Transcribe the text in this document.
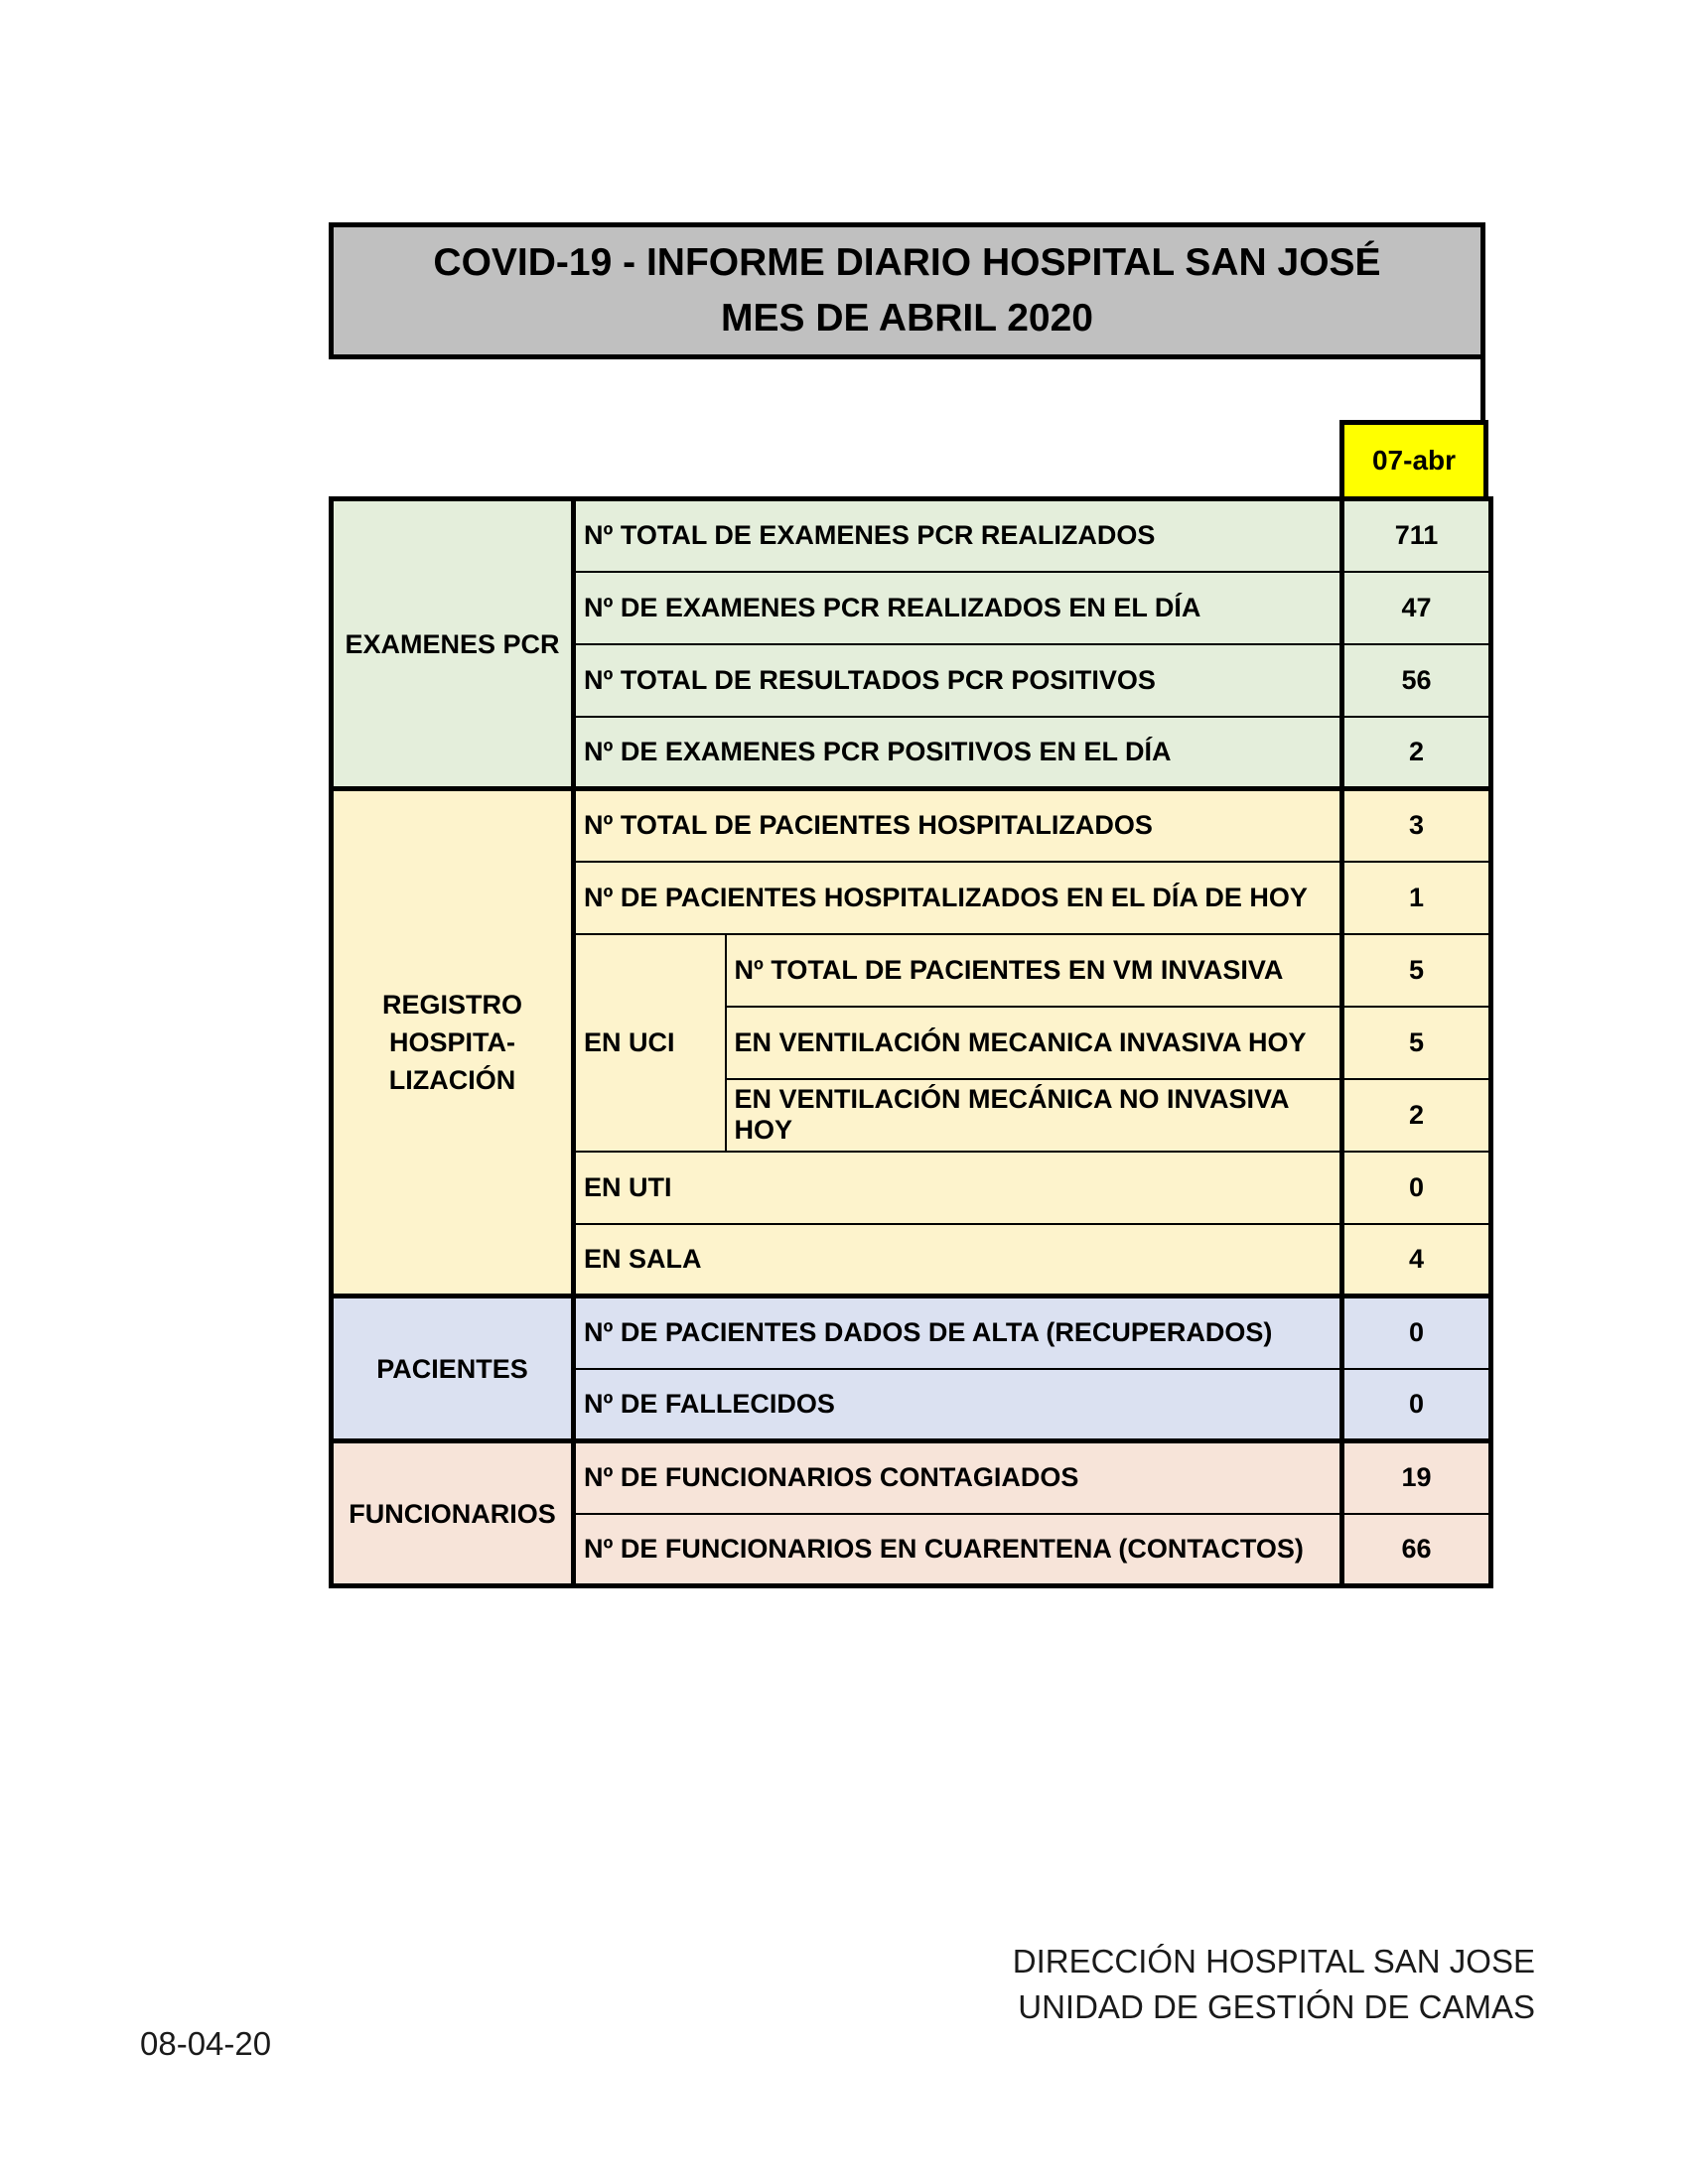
COVID-19 - INFORME DIARIO HOSPITAL SAN JOSÉ
MES DE ABRIL 2020
07-abr
EXAMENES PCR	Nº TOTAL DE EXAMENES PCR REALIZADOS		711
	Nº DE EXAMENES PCR REALIZADOS EN EL DÍA		47
	Nº TOTAL DE RESULTADOS PCR POSITIVOS		56
	Nº DE EXAMENES PCR POSITIVOS EN EL DÍA		2

REGISTRO
HOSPITA-
LIZACIÓN	Nº TOTAL DE PACIENTES HOSPITALIZADOS		3
	Nº DE PACIENTES HOSPITALIZADOS EN EL DÍA DE HOY		1
	EN UCI	Nº TOTAL DE PACIENTES EN VM INVASIVA	5
		EN VENTILACIÓN MECANICA INVASIVA HOY	5
		EN VENTILACIÓN MECÁNICA NO INVASIVA HOY	2
	EN UTI		0
	EN SALA		4
PACIENTES	Nº DE PACIENTES DADOS DE ALTA (RECUPERADOS)		0
	Nº DE FALLECIDOS		0
FUNCIONARIOS	Nº DE FUNCIONARIOS CONTAGIADOS		19
	Nº DE FUNCIONARIOS EN CUARENTENA (CONTACTOS)		66
DIRECCIÓN HOSPITAL SAN JOSE
UNIDAD DE GESTIÓN DE CAMAS
08-04-20
